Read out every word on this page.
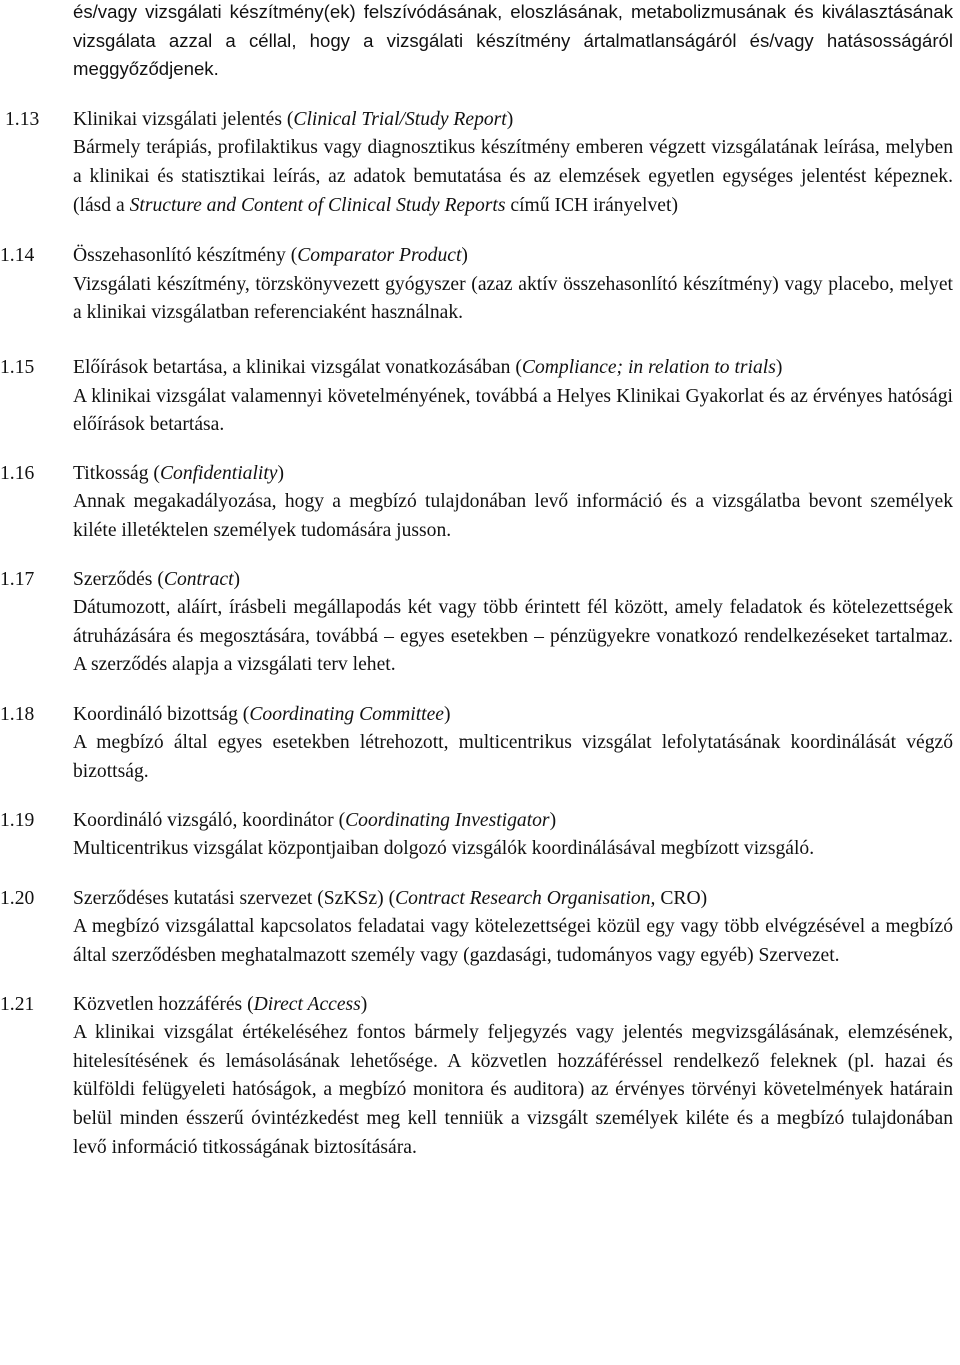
és/vagy vizsgálati készítmény(ek) felszívódásának, eloszlásának, metabolizmusának és kiválasztásának vizsgálata azzal a céllal, hogy a vizsgálati készítmény ártalmatlanságáról és/vagy hatásosságáról meggyőződjenek.
1.13	Klinikai vizsgálati jelentés (Clinical Trial/Study Report)
Bármely terápiás, profilaktikus vagy diagnosztikus készítmény emberen végzett vizsgálatának leírása, melyben a klinikai és statisztikai leírás, az adatok bemutatása és az elemzések egyetlen egységes jelentést képeznek. (lásd a Structure and Content of Clinical Study Reports című ICH irányelvet)
1.14	Összehasonlító készítmény (Comparator Product)
Vizsgálati készítmény, törzskönyvezett gyógyszer (azaz aktív összehasonlító készítmény) vagy placebo, melyet a klinikai vizsgálatban referenciaként használnak.
1.15	Előírások betartása, a klinikai vizsgálat vonatkozásában (Compliance; in relation to trials)
A klinikai vizsgálat valamennyi követelményének, továbbá a Helyes Klinikai Gyakorlat és az érvényes hatósági előírások betartása.
1.16	Titkosság (Confidentiality)
Annak megakadályozása, hogy a megbízó tulajdonában levő információ és a vizsgálatba bevont személyek kiléte illetéktelen személyek tudomására jusson.
1.17	Szerződés (Contract)
Dátumozott, aláírt, írásbeli megállapodás két vagy több érintett fél között, amely feladatok és kötelezettségek átruházására és megosztására, továbbá – egyes esetekben – pénzügyekre vonatkozó rendelkezéseket tartalmaz. A szerződés alapja a vizsgálati terv lehet.
1.18	Koordináló bizottság (Coordinating Committee)
A megbízó által egyes esetekben létrehozott, multicentrikus vizsgálat lefolytatásának koordinálását végző bizottság.
1.19	Koordináló vizsgáló, koordinátor (Coordinating Investigator)
Multicentrikus vizsgálat központjaiban dolgozó vizsgálók koordinálásával megbízott vizsgáló.
1.20	Szerződéses kutatási szervezet (SzKSz) (Contract Research Organisation, CRO)
A megbízó vizsgálattal kapcsolatos feladatai vagy kötelezettségei közül egy vagy több elvégzésével a megbízó által szerződésben meghatalmazott személy vagy (gazdasági, tudományos vagy egyéb) Szervezet.
1.21	Közvetlen hozzáférés (Direct Access)
A klinikai vizsgálat értékeléséhez fontos bármely feljegyzés vagy jelentés megvizsgálásának, elemzésének, hitelesítésének és lemásolásának lehetősége. A közvetlen hozzáféréssel rendelkező feleknek (pl. hazai és külföldi felügyeleti hatóságok, a megbízó monitora és auditora) az érvényes törvényi követelmények határain belül minden ésszerű óvintézkedést meg kell tenniük a vizsgált személyek kiléte és a megbízó tulajdonában levő információ titkosságának biztosítására.
